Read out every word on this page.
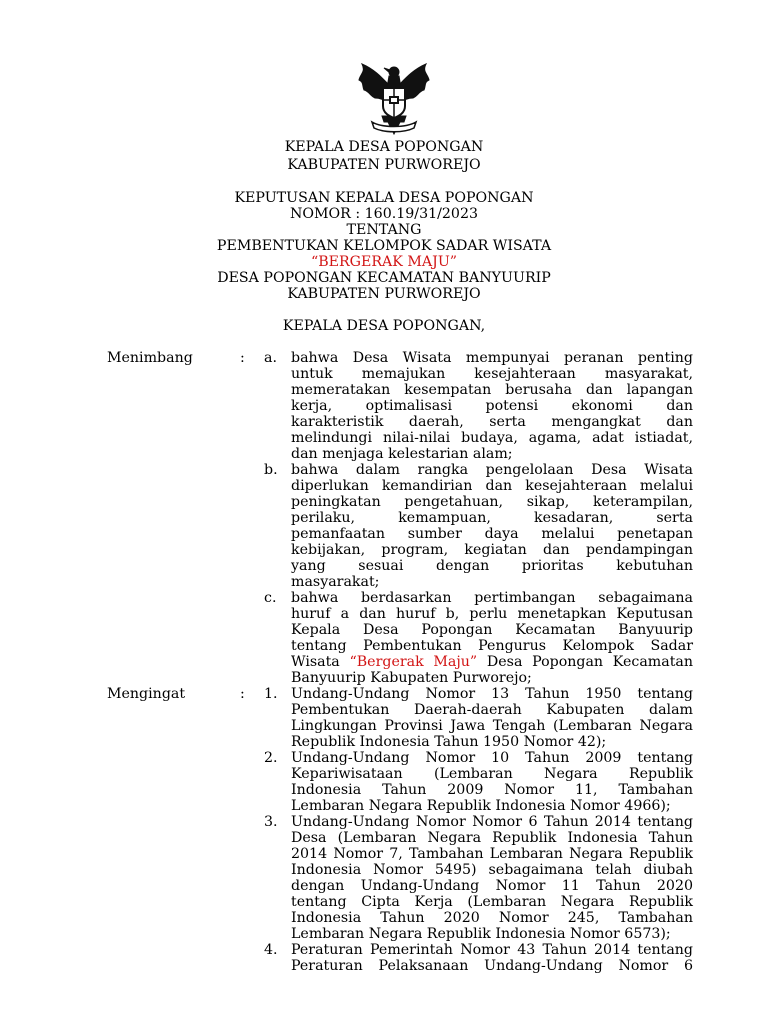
KEPALA DESA POPONGAN
KABUPATEN PURWOREJO
KEPUTUSAN KEPALA DESA POPONGAN
NOMOR : 160.19/31/2023
TENTANG
PEMBENTUKAN KELOMPOK SADAR WISATA
“BERGERAK MAJU”
DESA POPONGAN KECAMATAN BANYUURIP
KABUPATEN PURWOREJO
KEPALA DESA POPONGAN,
Menimbang	: a. bahwa Desa Wisata mempunyai peranan penting
untuk memajukan kesejahteraan masyarakat,
memeratakan kesempatan berusaha dan lapangan
kerja, optimalisasi potensi ekonomi dan
karakteristik daerah, serta mengangkat dan
melindungi nilai-nilai budaya, agama, adat istiadat,
dan menjaga kelestarian alam;
b. bahwa dalam rangka pengelolaan Desa Wisata
diperlukan kemandirian dan kesejahteraan melalui
peningkatan pengetahuan, sikap, keterampilan,
perilaku, kemampuan, kesadaran, serta
pemanfaatan sumber daya melalui penetapan
kebijakan, program, kegiatan dan pendampingan
yang sesuai dengan prioritas kebutuhan
masyarakat;
c.	bahwa berdasarkan pertimbangan sebagaimana
huruf a dan huruf b, perlu menetapkan Keputusan
Kepala Desa Popongan Kecamatan Banyuurip
tentang Pembentukan Pengurus Kelompok Sadar
Wisata “Bergerak Maju” Desa Popongan Kecamatan
Banyuurip Kabupaten Purworejo;
Mengingat	: 1. Undang-Undang Nomor 13 Tahun 1950 tentang
Pembentukan Daerah-daerah Kabupaten dalam
Lingkungan Provinsi Jawa Tengah (Lembaran Negara
Republik Indonesia Tahun 1950 Nomor 42);
2. Undang-Undang Nomor 10 Tahun 2009 tentang
Kepariwisataan (Lembaran Negara Republik
Indonesia Tahun 2009 Nomor 11, Tambahan
Lembaran Negara Republik Indonesia Nomor 4966);
3. Undang-Undang Nomor Nomor 6 Tahun 2014 tentang
Desa (Lembaran Negara Republik Indonesia Tahun
2014 Nomor 7, Tambahan Lembaran Negara Republik
Indonesia Nomor 5495) sebagaimana telah diubah
dengan Undang-Undang Nomor 11 Tahun 2020
tentang Cipta Kerja (Lembaran Negara Republik
Indonesia Tahun 2020 Nomor 245, Tambahan
Lembaran Negara Republik Indonesia Nomor 6573);
4. Peraturan Pemerintah Nomor 43 Tahun 2014 tentang
Peraturan Pelaksanaan Undang-Undang Nomor 6
